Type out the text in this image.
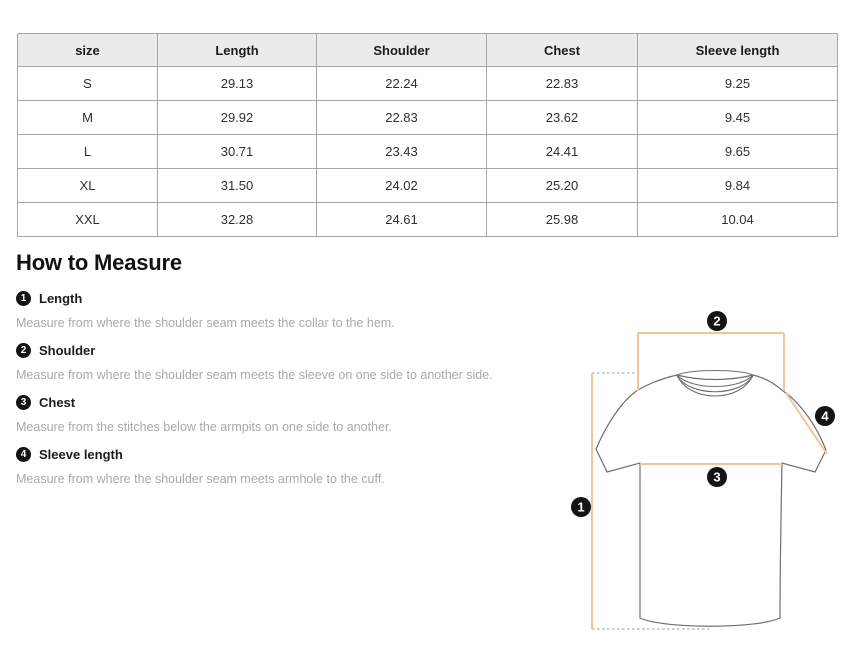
size	Length	Shoulder	Chest	Sleeve length
S	29.13	22.24	22.83	9.25
M	29.92	22.83	23.62	9.45
L	30.71	23.43	24.41	9.65
XL	31.50	24.02	25.20	9.84
XXL	32.28	24.61	25.98	10.04
How to Measure
1 Length
Measure from where the shoulder seam meets the collar to the hem.
2 Shoulder
Measure from where the shoulder seam meets the sleeve on one side to another side.
3 Chest
Measure from the stitches below the armpits on one side to another.
4 Sleeve length
Measure from where the shoulder seam meets armhole to the cuff.
1
2
3
4
